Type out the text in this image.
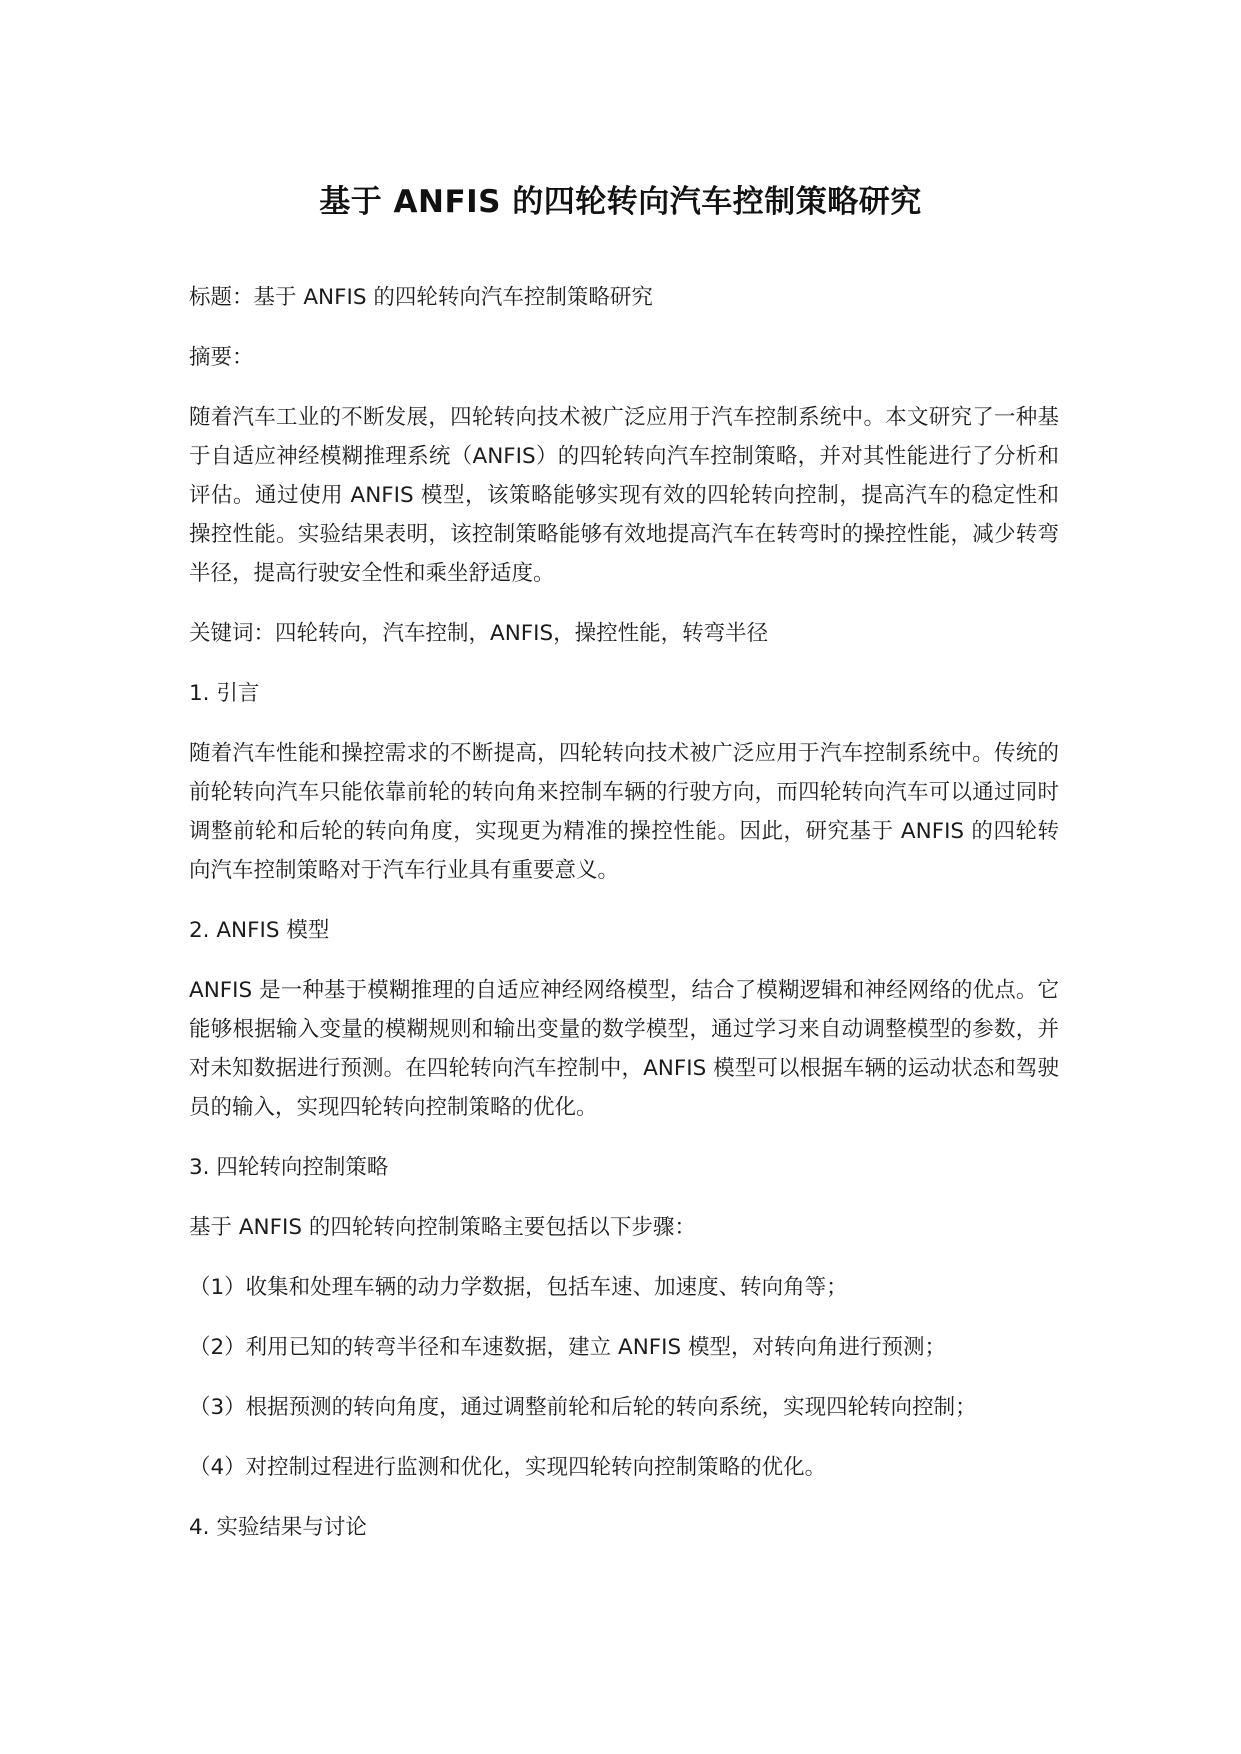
基于 ANFIS 的四轮转向汽车控制策略研究

标题：基于 ANFIS 的四轮转向汽车控制策略研究

摘要：

随着汽车工业的不断发展，四轮转向技术被广泛应用于汽车控制系统中。本文研究了一种基于自适应神经模糊推理系统（ANFIS）的四轮转向汽车控制策略，并对其性能进行了分析和评估。通过使用 ANFIS 模型，该策略能够实现有效的四轮转向控制，提高汽车的稳定性和操控性能。实验结果表明，该控制策略能够有效地提高汽车在转弯时的操控性能，减少转弯半径，提高行驶安全性和乘坐舒适度。

关键词：四轮转向，汽车控制，ANFIS，操控性能，转弯半径

1. 引言

随着汽车性能和操控需求的不断提高，四轮转向技术被广泛应用于汽车控制系统中。传统的前轮转向汽车只能依靠前轮的转向角来控制车辆的行驶方向，而四轮转向汽车可以通过同时调整前轮和后轮的转向角度，实现更为精准的操控性能。因此，研究基于 ANFIS 的四轮转向汽车控制策略对于汽车行业具有重要意义。

2. ANFIS 模型

ANFIS 是一种基于模糊推理的自适应神经网络模型，结合了模糊逻辑和神经网络的优点。它能够根据输入变量的模糊规则和输出变量的数学模型，通过学习来自动调整模型的参数，并对未知数据进行预测。在四轮转向汽车控制中，ANFIS 模型可以根据车辆的运动状态和驾驶员的输入，实现四轮转向控制策略的优化。

3. 四轮转向控制策略

基于 ANFIS 的四轮转向控制策略主要包括以下步骤：

（1）收集和处理车辆的动力学数据，包括车速、加速度、转向角等；

（2）利用已知的转弯半径和车速数据，建立 ANFIS 模型，对转向角进行预测；

（3）根据预测的转向角度，通过调整前轮和后轮的转向系统，实现四轮转向控制；

（4）对控制过程进行监测和优化，实现四轮转向控制策略的优化。

4. 实验结果与讨论
